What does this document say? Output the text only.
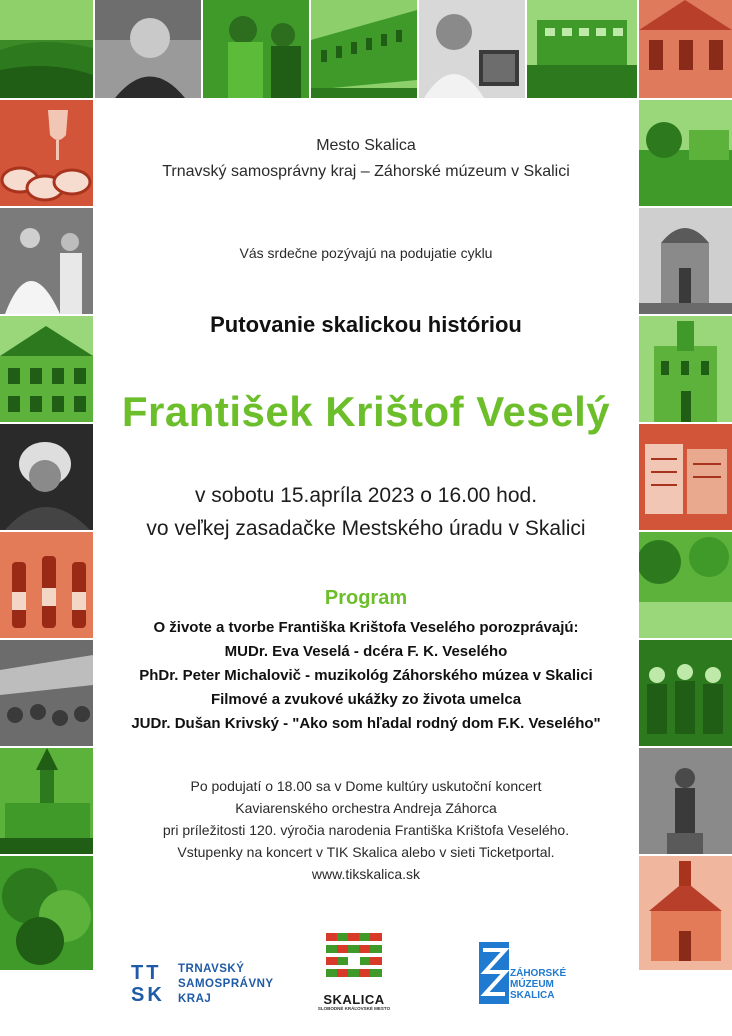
Mesto Skalica
Trnavský samosprávny kraj – Záhorské múzeum v Skalici
Vás srdečne pozývajú na podujatie cyklu
Putovanie skalickou históriou
František Krištof Veselý
v sobotu 15.apríla 2023 o 16.00 hod.
vo veľkej zasadačke Mestského úradu v Skalici
Program
O živote a tvorbe Františka Krištofa Veselého porozprávajú:
MUDr. Eva Veselá - dcéra F. K. Veselého
PhDr. Peter Michalovič - muzikológ Záhorského múzea v Skalici
Filmové a zvukové ukážky zo života umelca
JUDr. Dušan Krivský - "Ako som hľadal rodný dom F.K. Veselého"
Po podujatí o 18.00 sa v Dome kultúry uskutoční koncert
Kaviarenského orchestra Andreja Záhorca
pri príležitosti 120. výročia narodenia Františka Krištofa Veselého.
Vstupenky na koncert v TIK Skalica alebo v sieti Ticketportal.
www.tikskalica.sk
TT
SK
TRNAVSKÝ
SAMOSPRÁVNY
KRAJ	SKALICA
SLOBODNÉ KRÁĽOVSKÉ MESTO
ZÁHORSKÉ
MÚZEUM
SKALICA
